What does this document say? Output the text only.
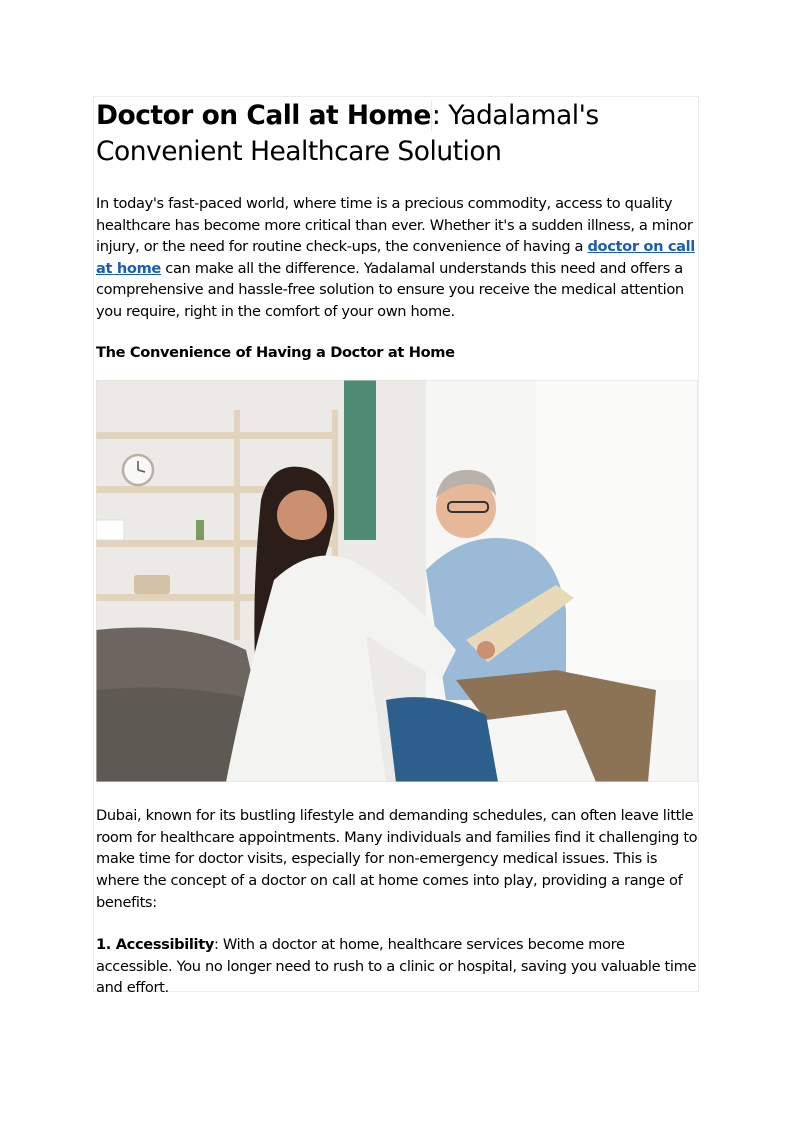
Doctor on Call at Home: Yadalamal's Convenient Healthcare Solution

In today's fast-paced world, where time is a precious commodity, access to quality healthcare has become more critical than ever. Whether it's a sudden illness, a minor injury, or the need for routine check-ups, the convenience of having a doctor on call at home can make all the difference. Yadalamal understands this need and offers a comprehensive and hassle-free solution to ensure you receive the medical attention you require, right in the comfort of your own home.

The Convenience of Having a Doctor at Home

Dubai, known for its bustling lifestyle and demanding schedules, can often leave little room for healthcare appointments. Many individuals and families find it challenging to make time for doctor visits, especially for non-emergency medical issues. This is where the concept of a doctor on call at home comes into play, providing a range of benefits:

1. Accessibility: With a doctor at home, healthcare services become more accessible. You no longer need to rush to a clinic or hospital, saving you valuable time and effort.
